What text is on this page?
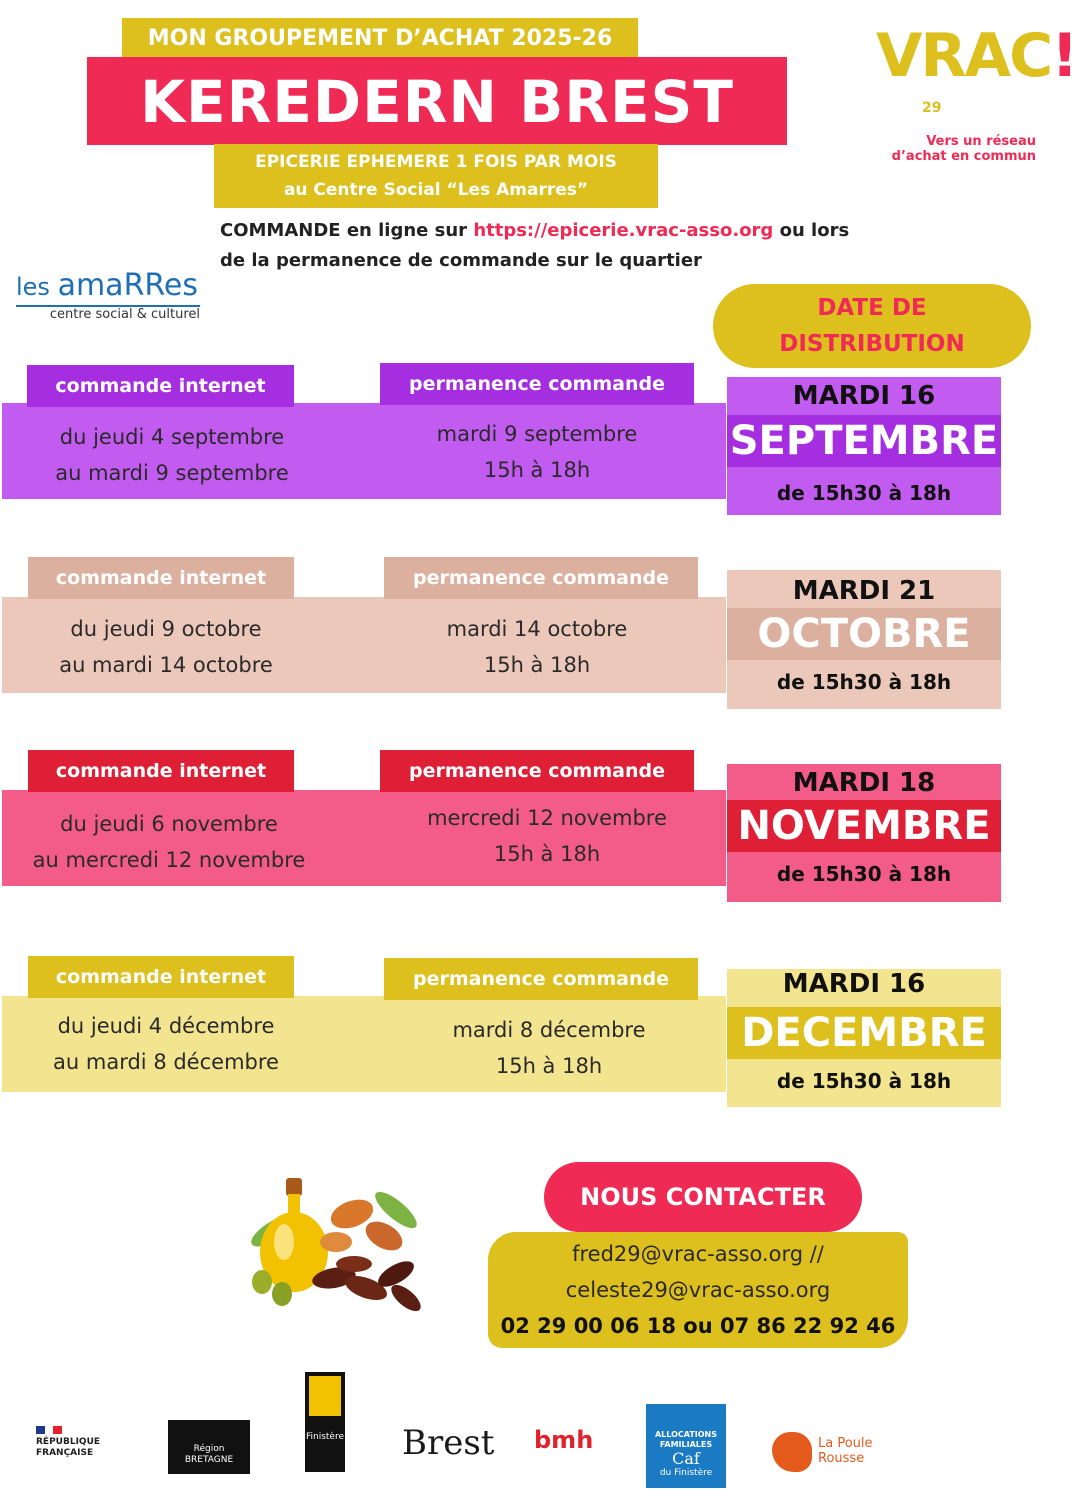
MON GROUPEMENT D’ACHAT 2025-26
KEREDERN BREST
EPICERIE EPHEMERE 1 FOIS PAR MOIS
au Centre Social “Les Amarres”
COMMANDE en ligne sur https://epicerie.vrac-asso.org ou lors
de la permanence de commande sur le quartier
VRAC!
29
Vers un réseau
d’achat en commun
les amaRRes
centre social & culturel	DATE DE
DISTRIBUTION
commande internet	permanence commande
du jeudi 4 septembre
au mardi 9 septembre
mardi 9 septembre
15h à 18h
MARDI 16
SEPTEMBRE
de 15h30 à 18h
commande internet	permanence commande
du jeudi 9 octobre
au mardi 14 octobre
mardi 14 octobre
15h à 18h
MARDI 21
OCTOBRE
de 15h30 à 18h
commande internet	permanence commande
du jeudi 6 novembre
au mercredi 12 novembre
mercredi 12 novembre
15h à 18h
MARDI 18
NOVEMBRE
de 15h30 à 18h
commande internet	permanence commande
du jeudi 4 décembre
au mardi 8 décembre
mardi 8 décembre
15h à 18h
MARDI 16
DECEMBRE
de 15h30 à 18h
NOUS CONTACTER
fred29@vrac-asso.org //
celeste29@vrac-asso.org
02 29 00 06 18 ou 07 86 22 92 46
RÉPUBLIQUE FRANÇAISE	Région BRETAGNE
Finistère Brest bmh	ALLOCATIONS FAMILIALES
Caf
du Finistère
La Poule Rousse
